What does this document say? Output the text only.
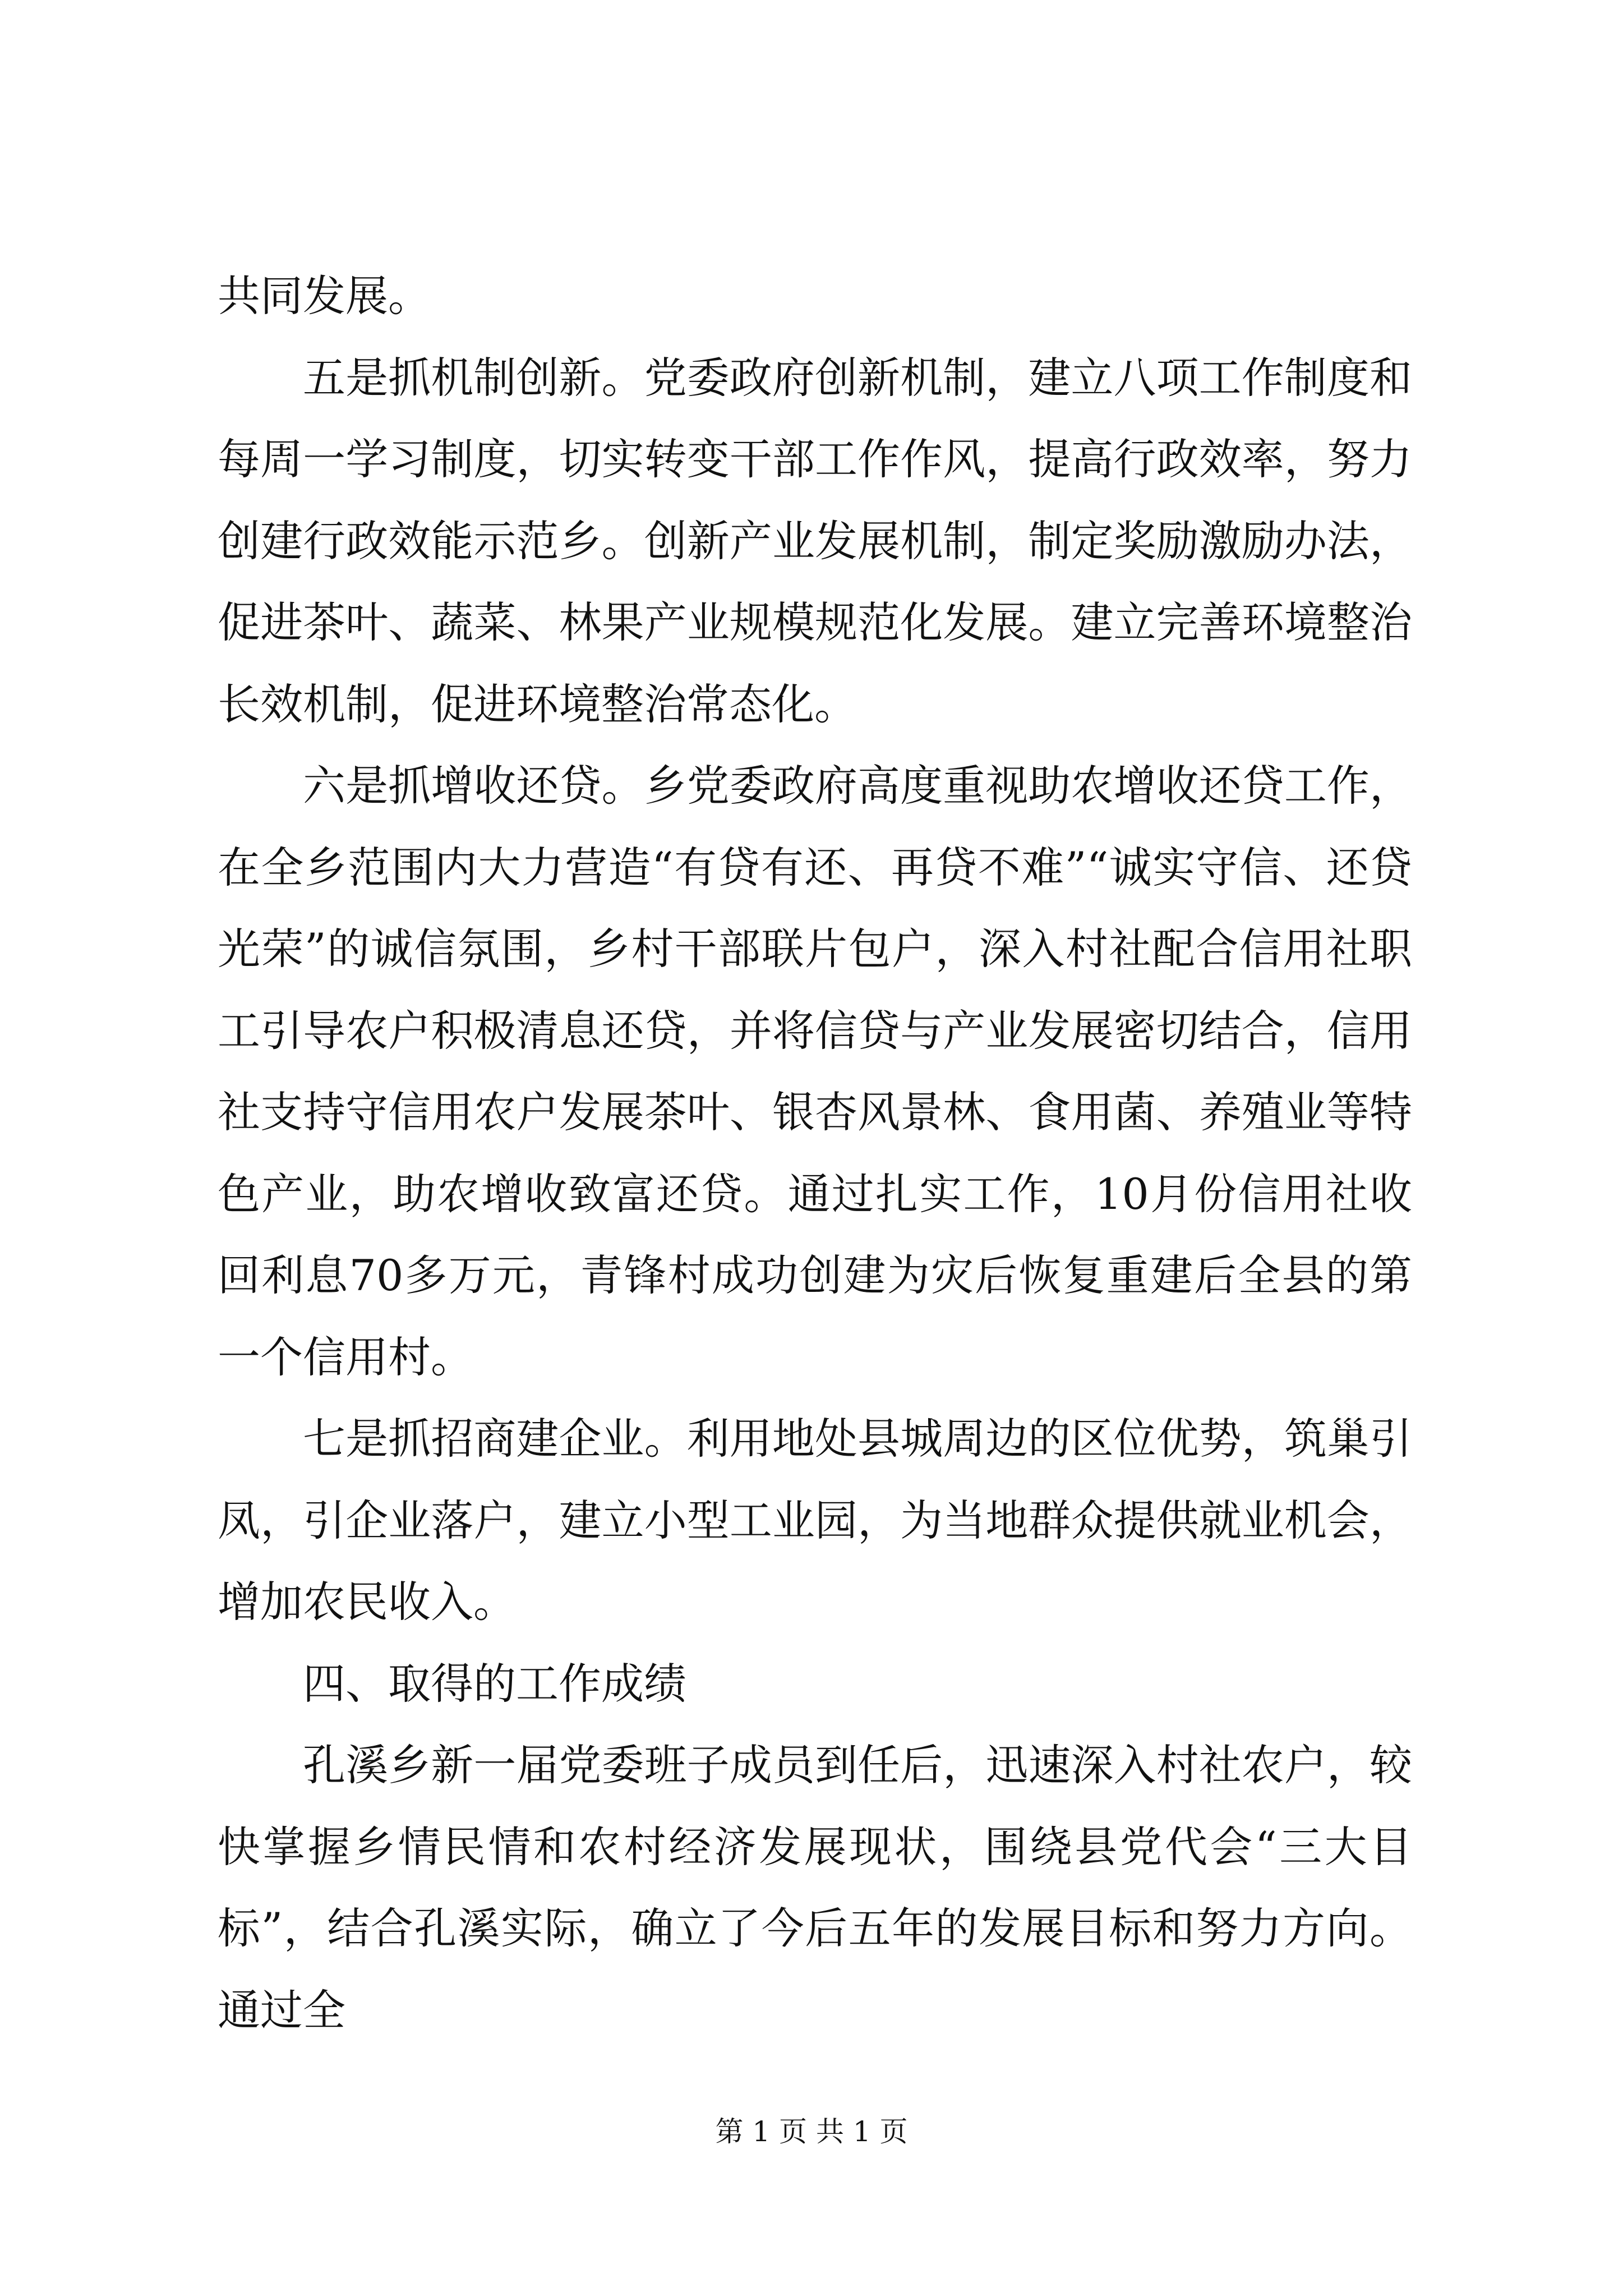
共同发展。

五是抓机制创新。党委政府创新机制，建立八项工作制度和每周一学习制度，切实转变干部工作作风，提高行政效率，努力创建行政效能示范乡。创新产业发展机制，制定奖励激励办法，促进茶叶、蔬菜、林果产业规模规范化发展。建立完善环境整治长效机制，促进环境整治常态化。

六是抓增收还贷。乡党委政府高度重视助农增收还贷工作，在全乡范围内大力营造“有贷有还、再贷不难”“诚实守信、还贷光荣”的诚信氛围，乡村干部联片包户，深入村社配合信用社职工引导农户积极清息还贷，并将信贷与产业发展密切结合，信用社支持守信用农户发展茶叶、银杏风景林、食用菌、养殖业等特色产业，助农增收致富还贷。通过扎实工作，10月份信用社收回利息70多万元，青锋村成功创建为灾后恢复重建后全县的第一个信用村。

七是抓招商建企业。利用地处县城周边的区位优势，筑巢引凤，引企业落户，建立小型工业园，为当地群众提供就业机会，增加农民收入。

四、取得的工作成绩

孔溪乡新一届党委班子成员到任后，迅速深入村社农户，较快掌握乡情民情和农村经济发展现状，围绕县党代会“三大目标”，结合孔溪实际，确立了今后五年的发展目标和努力方向。通过全

第 1 页 共 1 页
